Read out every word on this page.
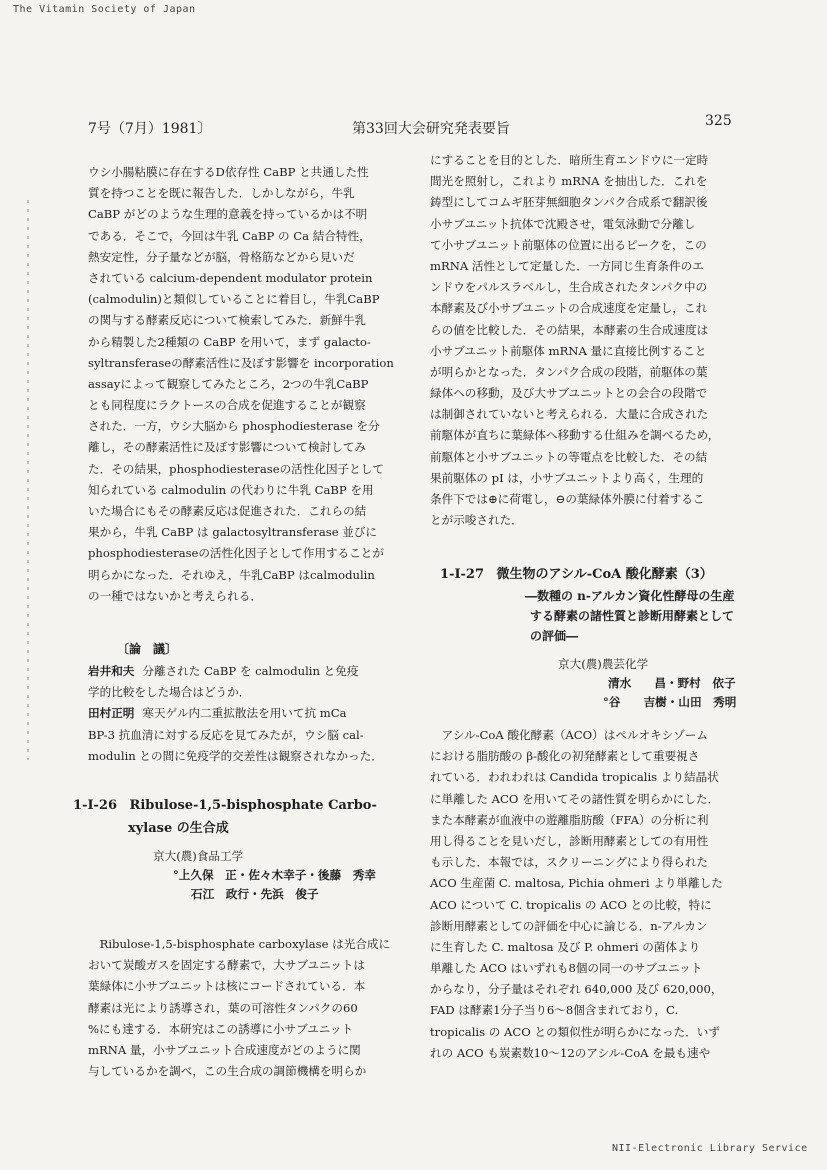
The Vitamin Society of Japan
7号（7月）1981〕	第33回大会研究発表要旨	325
ウシ小腸粘膜に存在するD依存性 CaBP と共通した性
質を持つことを既に報告した．しかしながら，牛乳
CaBP がどのような生理的意義を持っているかは不明
である．そこで，今回は牛乳 CaBP の Ca 結合特性，
熱安定性，分子量などが脳，骨格筋などから見いだ
されている calcium-dependent modulator protein
(calmodulin)と類似していることに着目し，牛乳CaBP
の関与する酵素反応について検索してみた．新鮮牛乳
から精製した2種類の CaBP を用いて，まず galacto-
syltransferaseの酵素活性に及ぼす影響を incorporation
assayによって観察してみたところ，2つの牛乳CaBP
とも同程度にラクトースの合成を促進することが観察
された．一方，ウシ大脳から phosphodiesterase を分
離し，その酵素活性に及ぼす影響について検討してみ
た．その結果，phosphodiesteraseの活性化因子として
知られている calmodulin の代わりに牛乳 CaBP を用
いた場合にもその酵素反応は促進された．これらの結
果から，牛乳 CaBP は galactosyltransferase 並びに
phosphodiesteraseの活性化因子として作用することが
明らかになった．それゆえ，牛乳CaBP はcalmodulin
の一種ではないかと考えられる．
〔論　議〕
岩井和夫 分離された CaBP を calmodulin と免疫
学的比較をした場合はどうか．
田村正明 寒天ゲル内二重拡散法を用いて抗 mCa
BP-3 抗血清に対する反応を見てみたが，ウシ脳 cal-
modulin との間に免疫学的交差性は観察されなかった．
1-Ⅰ-26 Ribulose-1,5-bisphosphate Carbo-
xylase の生合成
京大(農)食品工学
°上久保　正・佐々木幸子・後藤　秀幸
石江　政行・先浜　俊子
Ribulose-1,5-bisphosphate carboxylase は光合成に
おいて炭酸ガスを固定する酵素で，大サブユニットは
葉緑体に小サブユニットは核にコードされている．本
酵素は光により誘導され，葉の可溶性タンパクの60
%にも達する．本研究はこの誘導に小サブユニット
mRNA 量，小サブユニット合成速度がどのように関
与しているかを調べ，この生合成の調節機構を明らか
にすることを目的とした．暗所生育エンドウに一定時
間光を照射し，これより mRNA を抽出した．これを
鋳型にしてコムギ胚芽無細胞タンパク合成系で翻訳後
小サブユニット抗体で沈殿させ，電気泳動で分離し
て小サブユニット前駆体の位置に出るピークを，この
mRNA 活性として定量した．一方同じ生育条件のエ
ンドウをパルスラベルし，生合成されたタンパク中の
本酵素及び小サブユニットの合成速度を定量し，これ
らの値を比較した．その結果，本酵素の生合成速度は
小サブユニット前駆体 mRNA 量に直接比例すること
が明らかとなった．タンパク合成の段階，前駆体の葉
緑体への移動，及び大サブユニットとの会合の段階で
は制御されていないと考えられる．大量に合成された
前駆体が直ちに葉緑体へ移動する仕組みを調べるため，
前駆体と小サブユニットの等電点を比較した．その結
果前駆体の pI は，小サブユニットより高く，生理的
条件下では⊕に荷電し，⊖の葉緑体外膜に付着するこ
とが示唆された．
1-Ⅰ-27 微生物のアシル-CoA 酸化酵素（3）
―数種の n-アルカン資化性酵母の生産
する酵素の諸性質と診断用酵素として
の評価―
京大(農)農芸化学
清水　　昌・野村　依子
°谷　　吉樹・山田　秀明
アシル-CoA 酸化酵素（ACO）はペルオキシゾーム
における脂肪酸の β-酸化の初発酵素として重要視さ
れている．われわれは Candida tropicalis より結晶状
に単離した ACO を用いてその諸性質を明らかにした．
また本酵素が血液中の遊離脂肪酸（FFA）の分析に利
用し得ることを見いだし，診断用酵素としての有用性
も示した．本報では，スクリーニングにより得られた
ACO 生産菌 C. maltosa, Pichia ohmeri より単離した
ACO について C. tropicalis の ACO との比較，特に
診断用酵素としての評価を中心に論じる．n-アルカン
に生育した C. maltosa 及び P. ohmeri の菌体より
単離した ACO はいずれも8個の同一のサブユニット
からなり，分子量はそれぞれ 640,000 及び 620,000，
FAD は酵素1分子当り6～8個含まれており，C.
tropicalis の ACO との類似性が明らかになった．いず
れの ACO も炭素数10～12のアシル-CoA を最も速や
NII-Electronic Library Service
